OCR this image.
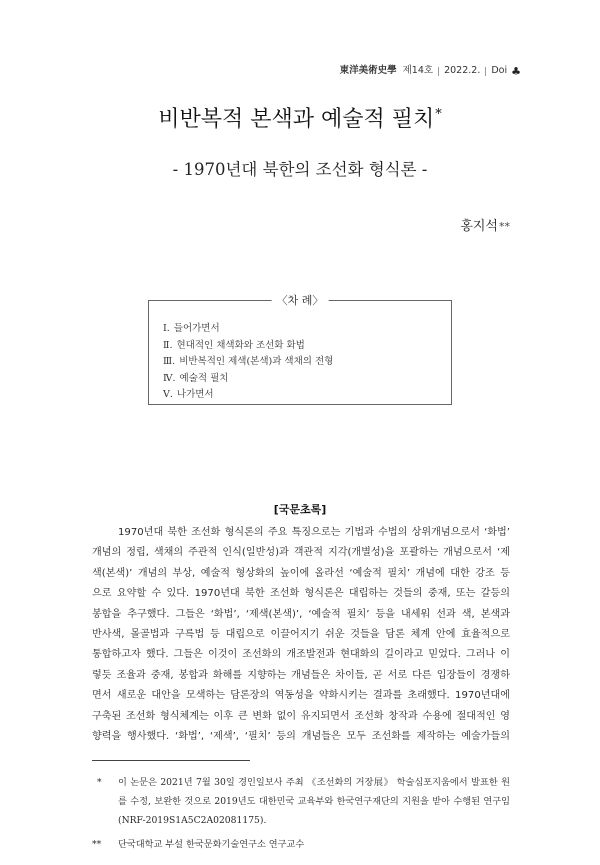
東洋美術史學 제14호 2022.2. Doi
♣
비반복적 본색과 예술적 필치*
- 1970년대 북한의 조선화 형식론 -
홍지석**
〈차 례〉
Ⅰ. 들어가면서
Ⅱ. 현대적인 채색화와 조선화 화법
Ⅲ. 비반복적인 제색(본색)과 색채의 전형
Ⅳ. 예술적 필치
Ⅴ. 나가면서
[국문초록]
1970년대 북한 조선화 형식론의 주요 특징으로는 기법과 수법의 상위개념으로서 ‘화법’
개념의 정립, 색채의 주관적 인식(일반성)과 객관적 지각(개별성)을 포괄하는 개념으로서 ‘제
색(본색)’ 개념의 부상, 예술적 형상화의 높이에 올라선 ‘예술적 필치’ 개념에 대한 강조 등
으로 요약할 수 있다. 1970년대 북한 조선화 형식론은 대립하는 것들의 중재, 또는 갈등의
봉합을 추구했다. 그들은 ‘화법’, ‘제색(본색)’, ‘예술적 필치’ 등을 내세워 선과 색, 본색과
반사색, 몰골법과 구륵법 등 대립으로 이끌어지기 쉬운 것들을 담론 체계 안에 효율적으로
통합하고자 했다. 그들은 이것이 조선화의 개조발전과 현대화의 길이라고 믿었다. 그러나 이
렇듯 조율과 중재, 봉합과 화해를 지향하는 개념들은 차이들, 곧 서로 다른 입장들이 경쟁하
면서 새로운 대안을 모색하는 담론장의 역동성을 약화시키는 결과를 초래했다. 1970년대에
구축된 조선화 형식체계는 이후 큰 변화 없이 유지되면서 조선화 창작과 수용에 절대적인 영
향력을 행사했다. ‘화법’, ‘제색’, ‘필치’ 등의 개념들은 모두 조선화를 제작하는 예술가들의
* 이 논문은 2021년 7월 30일 경인일보사 주최 《조선화의 거장展》 학술심포지움에서 발표한 원
를 수정, 보완한 것으로 2019년도 대한민국 교육부와 한국연구재단의 지원을 받아 수행된 연구임
(NRF-2019S1A5C2A02081175).
** 단국대학교 부설 한국문화기술연구소 연구교수
